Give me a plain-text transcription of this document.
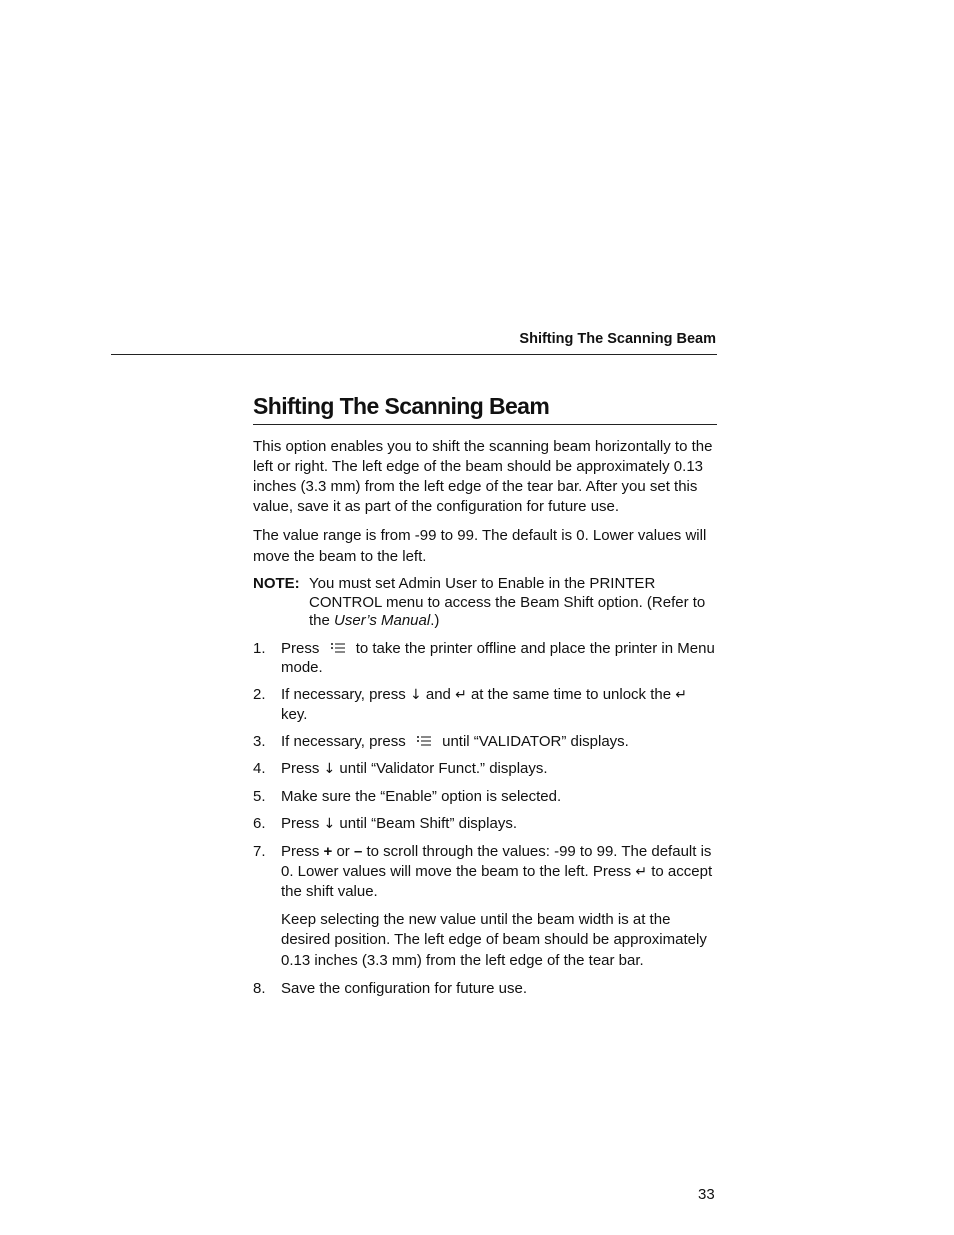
Shifting The Scanning Beam
Shifting The Scanning Beam

This option enables you to shift the scanning beam horizontally to the left or right. The left edge of the beam should be approximately 0.13 inches (3.3 mm) from the left edge of the tear bar. After you set this value, save it as part of the configuration for future use.

The value range is from -99 to 99. The default is 0. Lower values will move the beam to the left.

NOTE: You must set Admin User to Enable in the PRINTER CONTROL menu to access the Beam Shift option. (Refer to the User’s Manual.)
1.	Press to take the printer offline and place the printer in Menu mode.
2.	If necessary, press ↓ and ↵ at the same time to unlock the ↵ key.
3.	If necessary, press until “VALIDATOR” displays.
4.	Press ↓ until “Validator Funct.” displays.
5.	Make sure the “Enable” option is selected.
6.	Press ↓ until “Beam Shift” displays.
7.	Press + or – to scroll through the values: -99 to 99. The default is 0. Lower values will move the beam to the left. Press ↵ to accept the shift value.
Keep selecting the new value until the beam width is at the desired position. The left edge of beam should be approximately 0.13 inches (3.3 mm) from the left edge of the tear bar.
8.	Save the configuration for future use.
33
